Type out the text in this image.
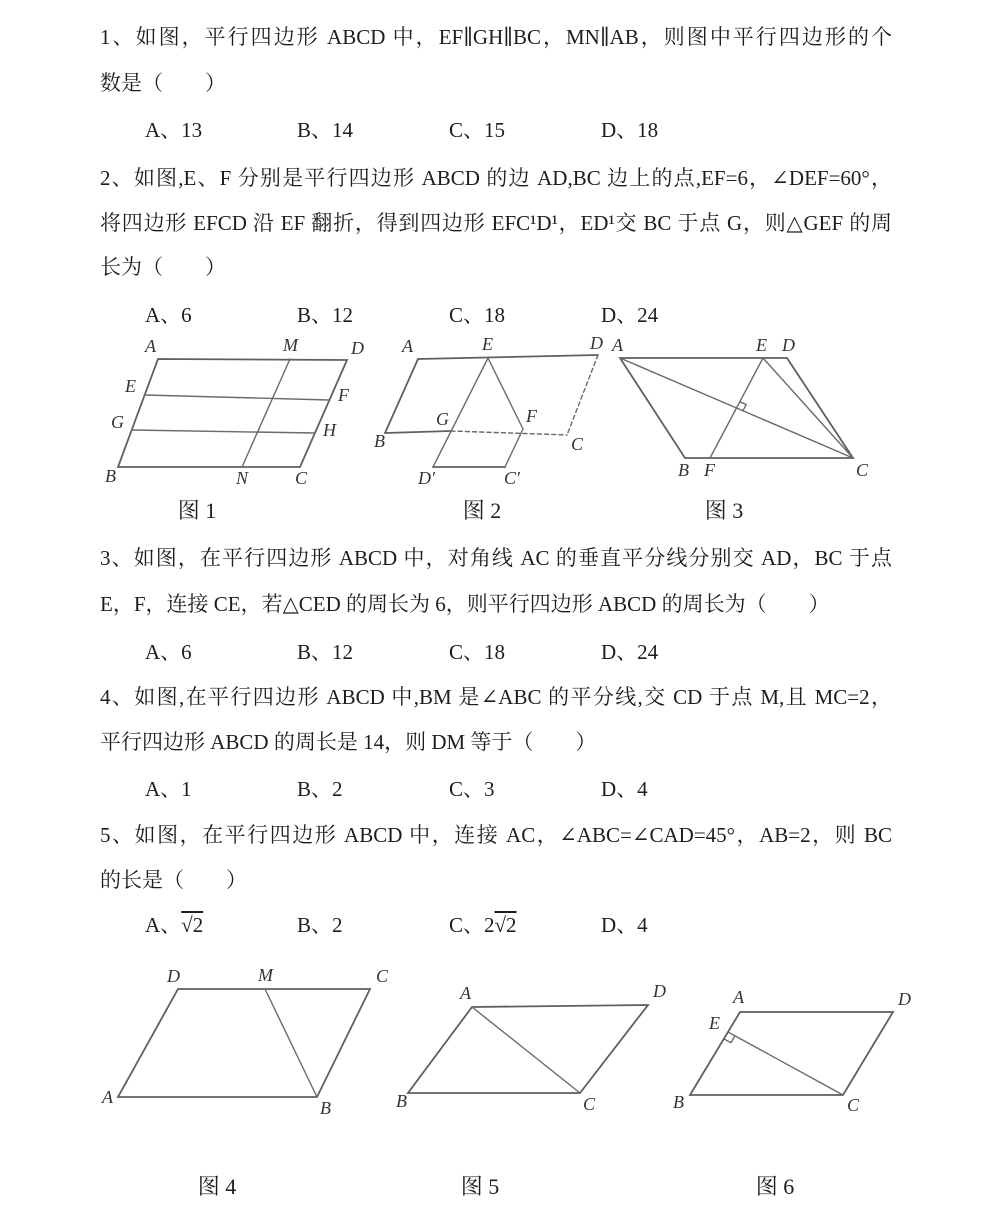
1、如图，平行四边形 ABCD 中，EF∥GH∥BC，MN∥AB，则图中平行四边形的个
数是（　　）
A、13	B、14	C、15	D、18
2、如图,E、F 分别是平行四边形 ABCD 的边 AD,BC 边上的点,EF=6，∠DEF=60°，
将四边形 EFCD 沿 EF 翻折，得到四边形 EFC¹D¹，ED¹交 BC 于点 G，则△GEF 的周
长为（　　）
A、6	B、12	C、18	D、24
A	M	D
E	F
G	H
B	N	C
A	E	D
B
G	F
C
D′	C′
A	E D
B F	C
图 1	图 2	图 3
3、如图，在平行四边形 ABCD 中，对角线 AC 的垂直平分线分别交 AD，BC 于点
E，F，连接 CE，若△CED 的周长为 6，则平行四边形 ABCD 的周长为（　　）
A、6	B、12	C、18	D、24
4、如图,在平行四边形 ABCD 中,BM 是∠ABC 的平分线,交 CD 于点 M,且 MC=2，
平行四边形 ABCD 的周长是 14，则 DM 等于（　　）
A、1	B、2	C、3	D、4
5、如图，在平行四边形 ABCD 中，连接 AC，∠ABC=∠CAD=45°，AB=2，则 BC
的长是（　　）
A、 √ 2	B、2	C、2 √ 2	D、4
D	M	C
A
B
A	D
B	C
A
E
D
B	C
图 4	图 5	图 6
